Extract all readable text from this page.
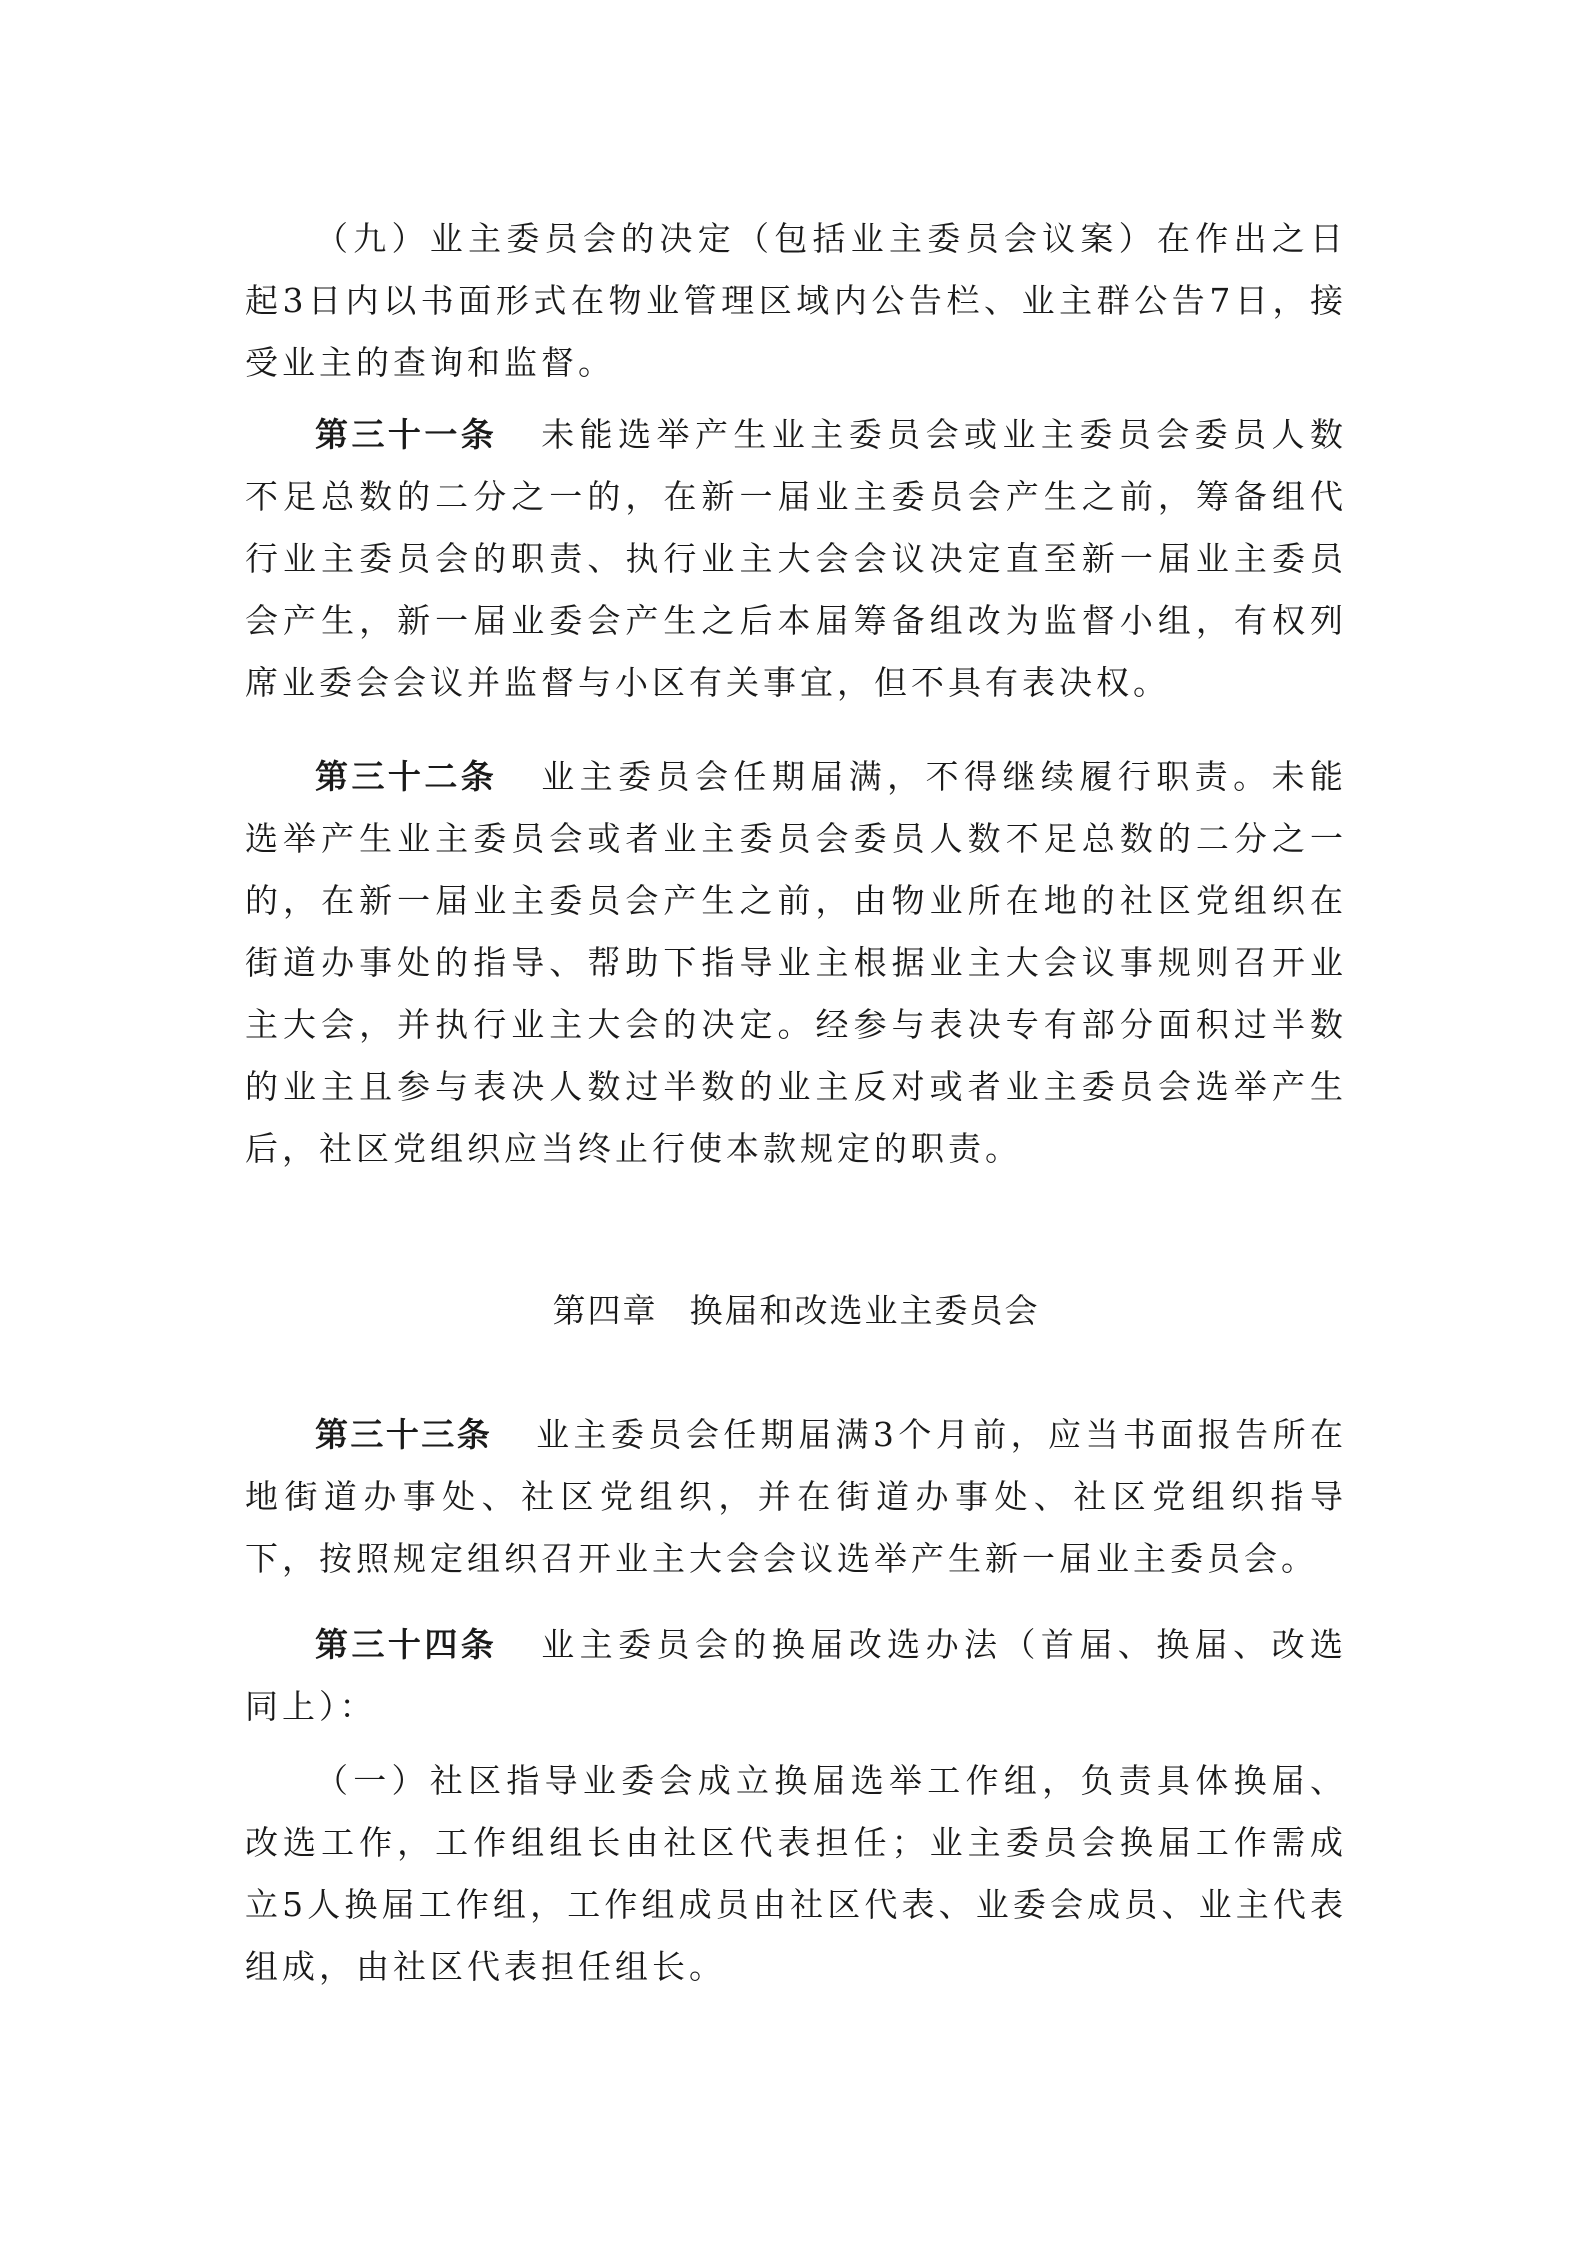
（九）业主委员会的决定（包括业主委员会议案）在作出之日起3日内以书面形式在物业管理区域内公告栏、业主群公告7日，接受业主的查询和监督。

第三十一条 未能选举产生业主委员会或业主委员会委员人数不足总数的二分之一的，在新一届业主委员会产生之前，筹备组代行业主委员会的职责、执行业主大会会议决定直至新一届业主委员会产生，新一届业委会产生之后本届筹备组改为监督小组，有权列席业委会会议并监督与小区有关事宜，但不具有表决权。

第三十二条 业主委员会任期届满，不得继续履行职责。未能选举产生业主委员会或者业主委员会委员人数不足总数的二分之一的，在新一届业主委员会产生之前，由物业所在地的社区党组织在街道办事处的指导、帮助下指导业主根据业主大会议事规则召开业主大会，并执行业主大会的决定。经参与表决专有部分面积过半数的业主且参与表决人数过半数的业主反对或者业主委员会选举产生后，社区党组织应当终止行使本款规定的职责。

第四章 换届和改选业主委员会

第三十三条 业主委员会任期届满3个月前，应当书面报告所在地街道办事处、社区党组织，并在街道办事处、社区党组织指导下，按照规定组织召开业主大会会议选举产生新一届业主委员会。

第三十四条 业主委员会的换届改选办法（首届、换届、改选同上）：

（一）社区指导业委会成立换届选举工作组，负责具体换届、改选工作，工作组组长由社区代表担任；业主委员会换届工作需成立5人换届工作组，工作组成员由社区代表、业委会成员、业主代表组成，由社区代表担任组长。
